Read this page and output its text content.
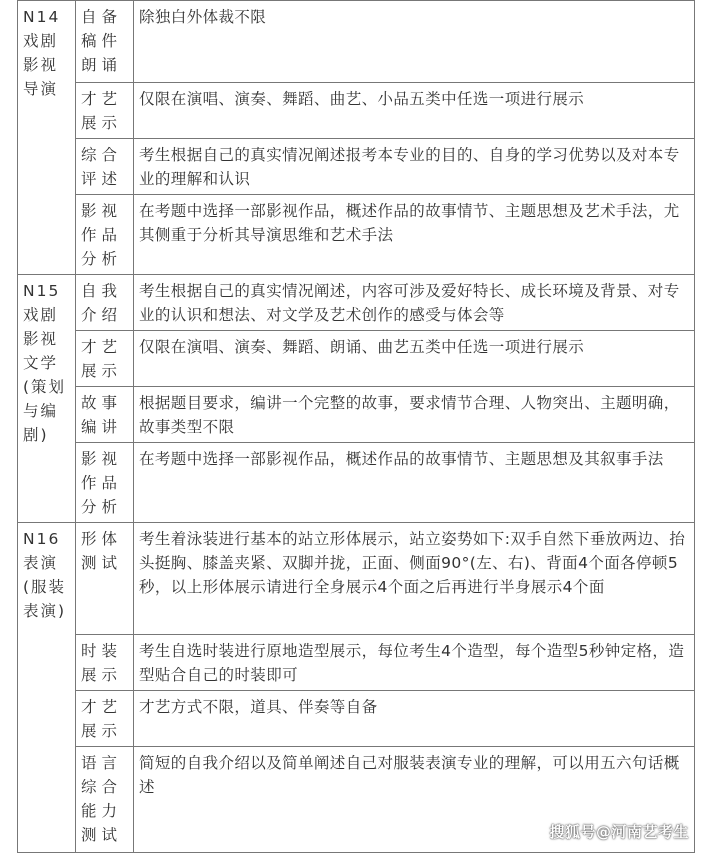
N14戏剧影视导演	自备稿件朗诵	除独白外体裁不限
	才艺展示	仅限在演唱、演奏、舞蹈、曲艺、小品五类中任选一项进行展示
	综合评述	考生根据自己的真实情况阐述报考本专业的目的、自身的学习优势以及对本专业的理解和认识
	影视作品分析	在考题中选择一部影视作品，概述作品的故事情节、主题思想及艺术手法，尤其侧重于分析其导演思维和艺术手法
N15戏剧影视文学(策划与编剧)	自我介绍	考生根据自己的真实情况阐述，内容可涉及爱好特长、成长环境及背景、对专业的认识和想法、对文学及艺术创作的感受与体会等
	才艺展示	仅限在演唱、演奏、舞蹈、朗诵、曲艺五类中任选一项进行展示
	故事编讲	根据题目要求，编讲一个完整的故事，要求情节合理、人物突出、主题明确，故事类型不限
	影视作品分析	在考题中选择一部影视作品，概述作品的故事情节、主题思想及其叙事手法
N16表演(服装表演)	形体测试	考生着泳装进行基本的站立形体展示，站立姿势如下:双手自然下垂放两边、抬头挺胸、膝盖夹紧、双脚并拢，正面、侧面90°(左、右)、背面4个面各停顿5秒，以上形体展示请进行全身展示4个面之后再进行半身展示4个面
	时装展示	考生自选时装进行原地造型展示，每位考生4个造型，每个造型5秒钟定格，造型贴合自己的时装即可
	才艺展示	才艺方式不限，道具、伴奏等自备
	语言综合能力测试	简短的自我介绍以及简单阐述自己对服装表演专业的理解，可以用五六句话概述
搜狐号@河南艺考生
